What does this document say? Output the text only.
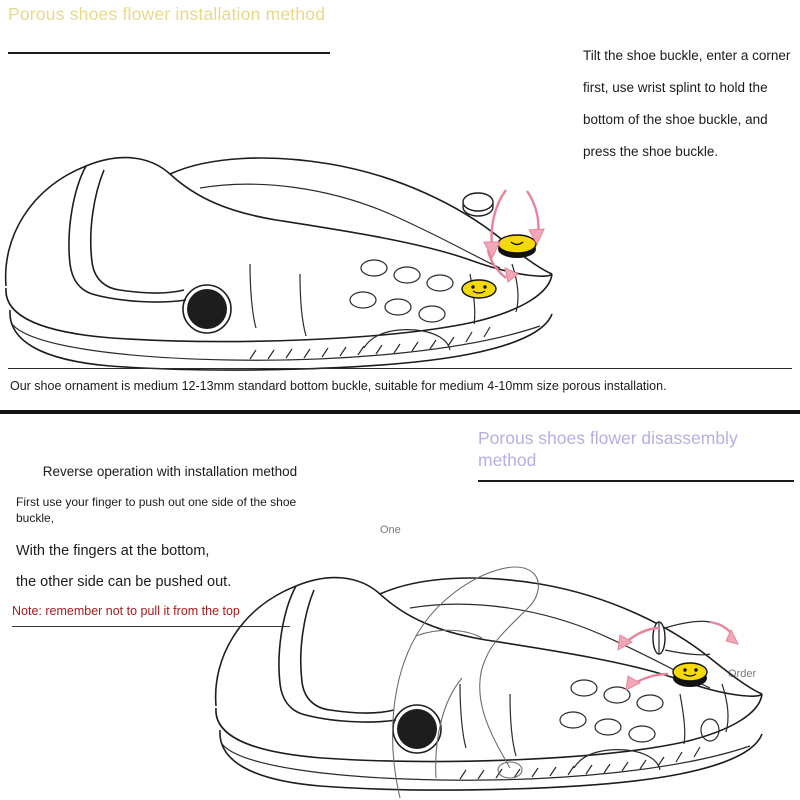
Porous shoes flower installation method
Tilt the shoe buckle, enter a corner first, use wrist splint to hold the bottom of the shoe buckle, and press the shoe buckle.
Our shoe ornament is medium 12-13mm standard bottom buckle, suitable for medium 4-10mm size porous installation.
Porous shoes flower disassembly method
Reverse operation with installation method
First use your finger to push out one side of the shoe buckle,
With the fingers at the bottom,
the other side can be pushed out.
Note: remember not to pull it from the top
One
Order
